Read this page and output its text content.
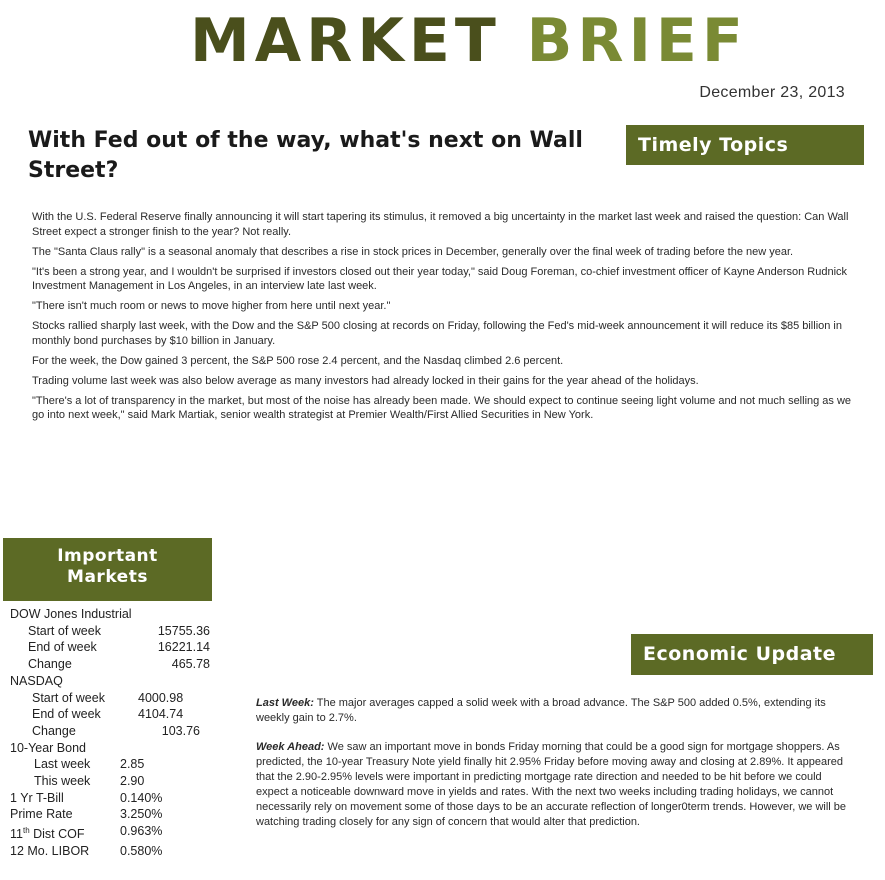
MARKET BRIEF
December 23, 2013
With Fed out of the way, what's next on Wall Street?
Timely Topics

With the U.S. Federal Reserve finally announcing it will start tapering its stimulus, it removed a big uncertainty in the market last week and raised the question: Can Wall Street expect a stronger finish to the year? Not really.

The "Santa Claus rally" is a seasonal anomaly that describes a rise in stock prices in December, generally over the final week of trading before the new year.

"It's been a strong year, and I wouldn't be surprised if investors closed out their year today," said Doug Foreman, co-chief investment officer of Kayne Anderson Rudnick Investment Management in Los Angeles, in an interview late last week.

"There isn't much room or news to move higher from here until next year."

Stocks rallied sharply last week, with the Dow and the S&P 500 closing at records on Friday, following the Fed's mid-week announcement it will reduce its $85 billion in monthly bond purchases by $10 billion in January.

For the week, the Dow gained 3 percent, the S&P 500 rose 2.4 percent, and the Nasdaq climbed 2.6 percent.

Trading volume last week was also below average as many investors had already locked in their gains for the year ahead of the holidays.

"There's a lot of transparency in the market, but most of the noise has already been made. We should expect to continue seeing light volume and not much selling as we go into next week," said Mark Martiak, senior wealth strategist at Premier Wealth/First Allied Securities in New York.

Important
Markets
DOW Jones Industrial
Start of week	15755.36
End of week	16221.14
Change	465.78
NASDAQ
Start of week	4000.98
End of week	4104.74
Change	103.76
10-Year Bond
Last week	2.85
This week	2.90
1 Yr T-Bill	0.140%
Prime Rate	3.250%
11th Dist COF	0.963%
12 Mo. LIBOR	0.580%
Economic Update

Last Week: The major averages capped a solid week with a broad advance. The S&P 500 added 0.5%, extending its weekly gain to 2.7%.

Week Ahead: We saw an important move in bonds Friday morning that could be a good sign for mortgage shoppers. As predicted, the 10-year Treasury Note yield finally hit 2.95% Friday before moving away and closing at 2.89%. It appeared that the 2.90-2.95% levels were important in predicting mortgage rate direction and needed to be hit before we could expect a noticeable downward move in yields and rates. With the next two weeks including trading holidays, we cannot necessarily rely on movement some of those days to be an accurate reflection of longer0term trends. However, we will be watching trading closely for any sign of concern that would alter that prediction.
